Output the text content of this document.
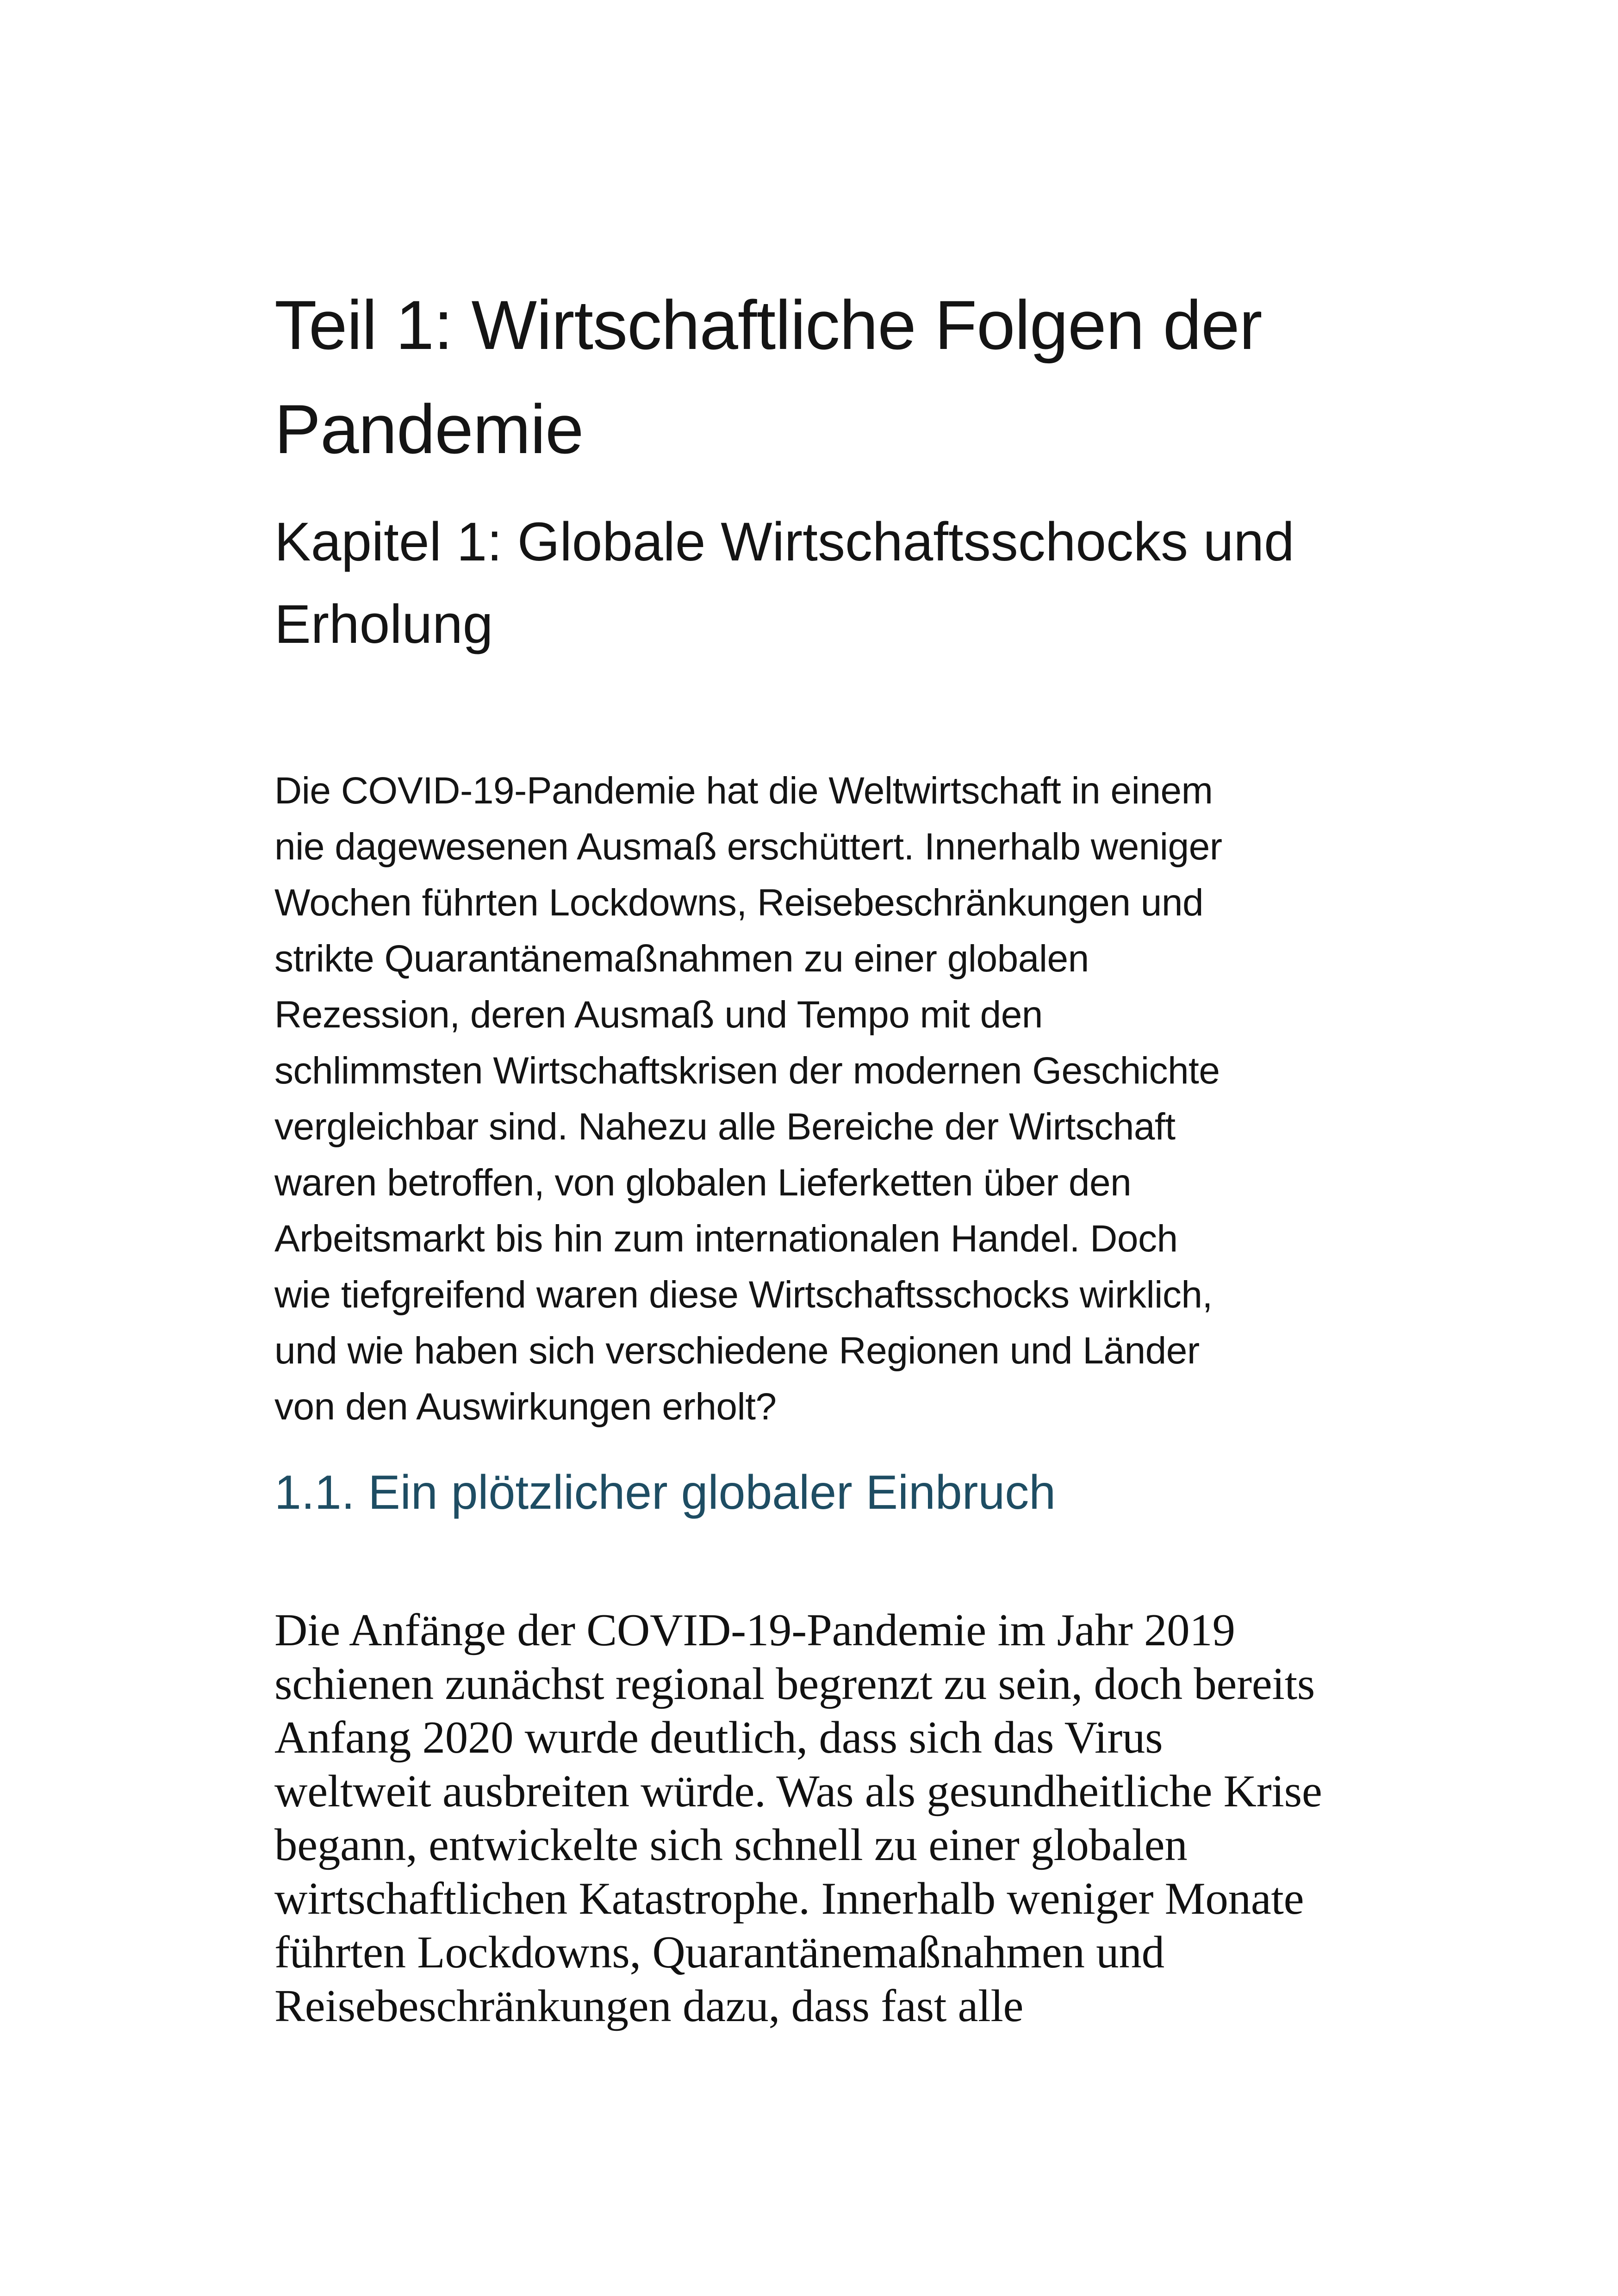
Teil 1: Wirtschaftliche Folgen der
Pandemie
Kapitel 1: Globale Wirtschaftsschocks und
Erholung

Die COVID-19-Pandemie hat die Weltwirtschaft in einem
nie dagewesenen Ausmaß erschüttert. Innerhalb weniger
Wochen führten Lockdowns, Reisebeschränkungen und
strikte Quarantänemaßnahmen zu einer globalen
Rezession, deren Ausmaß und Tempo mit den
schlimmsten Wirtschaftskrisen der modernen Geschichte
vergleichbar sind. Nahezu alle Bereiche der Wirtschaft
waren betroffen, von globalen Lieferketten über den
Arbeitsmarkt bis hin zum internationalen Handel. Doch
wie tiefgreifend waren diese Wirtschaftsschocks wirklich,
und wie haben sich verschiedene Regionen und Länder
von den Auswirkungen erholt?

1.1. Ein plötzlicher globaler Einbruch

Die Anfänge der COVID-19-Pandemie im Jahr 2019
schienen zunächst regional begrenzt zu sein, doch bereits
Anfang 2020 wurde deutlich, dass sich das Virus
weltweit ausbreiten würde. Was als gesundheitliche Krise
begann, entwickelte sich schnell zu einer globalen
wirtschaftlichen Katastrophe. Innerhalb weniger Monate
führten Lockdowns, Quarantänemaßnahmen und
Reisebeschränkungen dazu, dass fast alle
